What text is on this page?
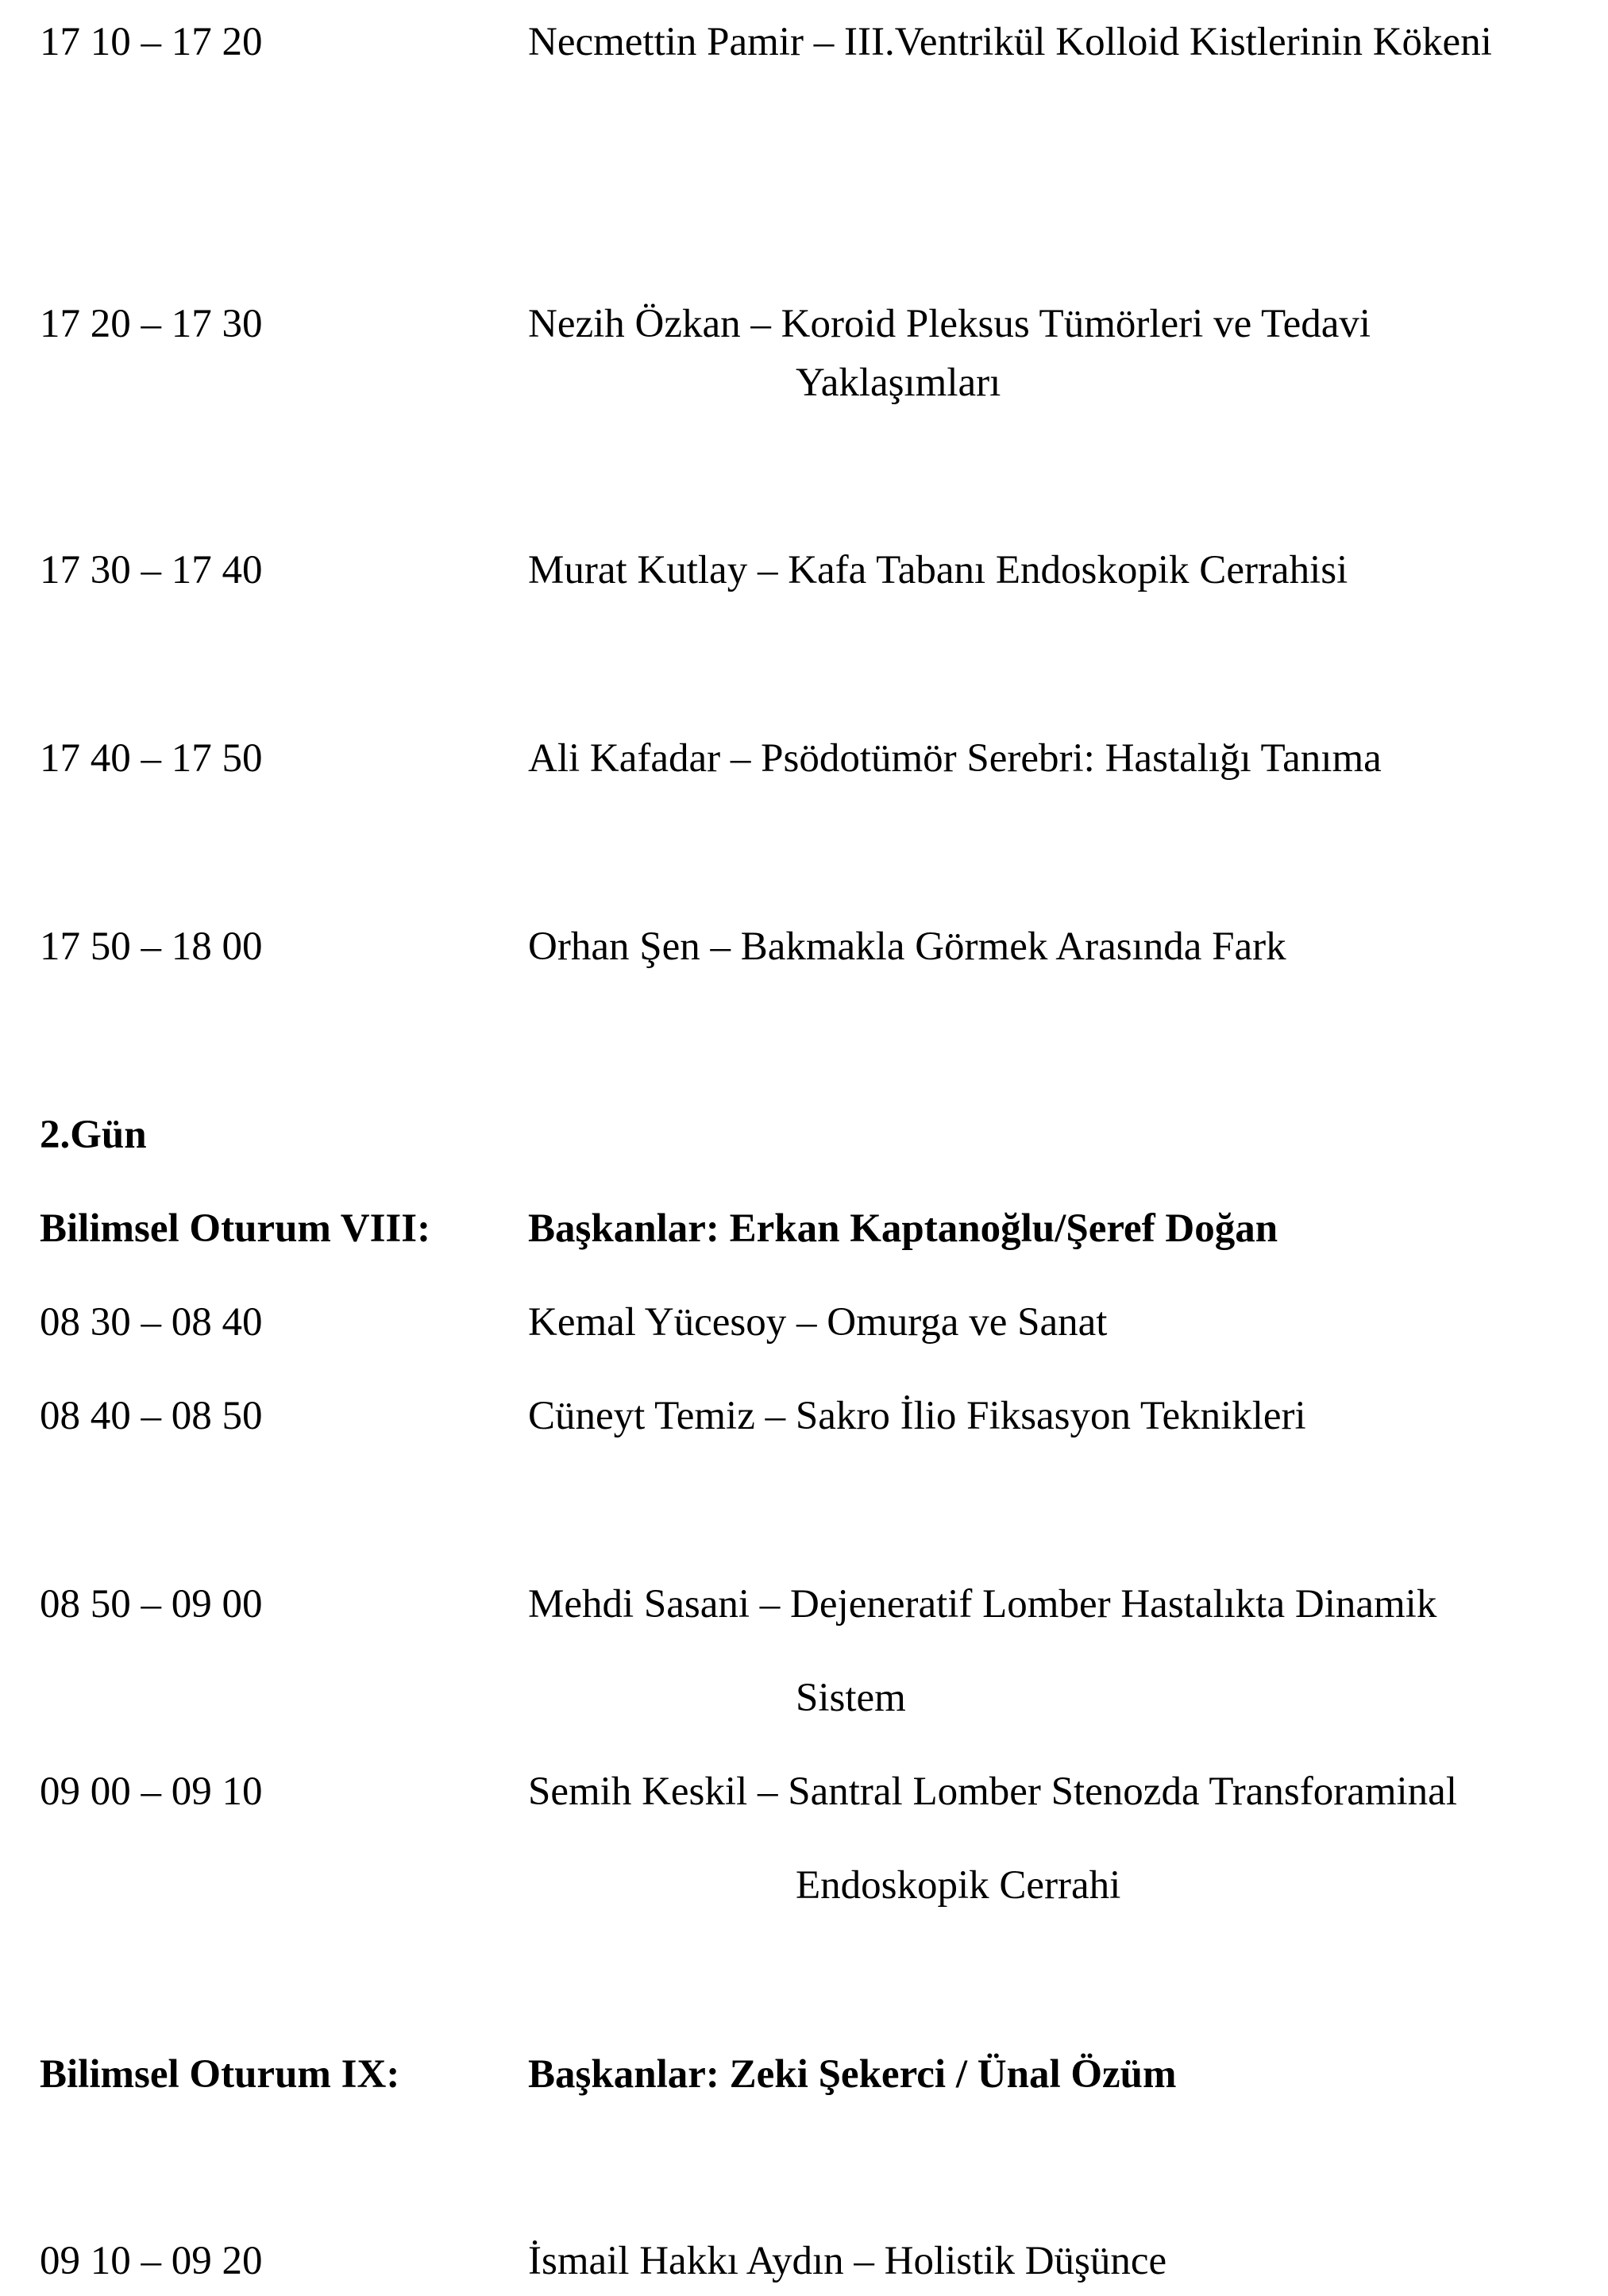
17 10 – 17 20	Necmettin Pamir – III.Ventrikül Kolloid Kistlerinin Kökeni
17 20 – 17 30	Nezih Özkan – Koroid Pleksus Tümörleri ve Tedavi
Yaklaşımları
17 30 – 17 40	Murat Kutlay – Kafa Tabanı Endoskopik Cerrahisi
17 40 – 17 50	Ali Kafadar – Psödotümör Serebri: Hastalığı Tanıma
17 50 – 18 00	Orhan Şen – Bakmakla Görmek Arasında Fark
2.Gün
Bilimsel Oturum VIII: Başkanlar: Erkan Kaptanoğlu/Şeref Doğan
08 30 – 08 40	Kemal Yücesoy – Omurga ve Sanat
08 40 – 08 50	Cüneyt Temiz – Sakro İlio Fiksasyon Teknikleri
08 50 – 09 00	Mehdi Sasani – Dejeneratif Lomber Hastalıkta Dinamik
Sistem
09 00 – 09 10	Semih Keskil – Santral Lomber Stenozda Transforaminal
Endoskopik Cerrahi
Bilimsel Oturum IX:	Başkanlar: Zeki Şekerci / Ünal Özüm
09 10 – 09 20	İsmail Hakkı Aydın – Holistik Düşünce
